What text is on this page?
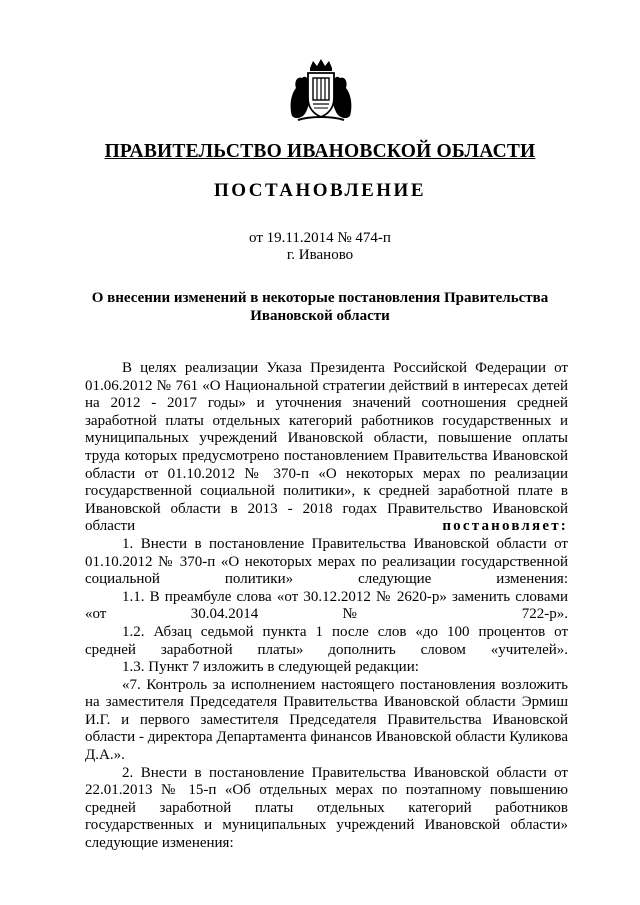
ПРАВИТЕЛЬСТВО ИВАНОВСКОЙ ОБЛАСТИ
ПОСТАНОВЛЕНИЕ
от 19.11.2014 № 474-п
г. Иваново
О внесении изменений в некоторые постановления Правительства
Ивановской области

В целях реализации Указа Президента Российской Федерации от 01.06.2012 № 761 «О Национальной стратегии действий в интересах детей на 2012 - 2017 годы» и уточнения значений соотношения средней заработной платы отдельных категорий работников государственных и муниципальных учреждений Ивановской области, повышение оплаты труда которых предусмотрено постановлением Правительства Ивановской области от 01.10.2012 № 370-п «О некоторых мерах по реализации государственной социальной политики», к средней заработной плате в Ивановской области в 2013 - 2018 годах Правительство Ивановской области	постановляет:

1. Внести в постановление Правительства Ивановской области от 01.10.2012 № 370-п «О некоторых мерах по реализации государственной социальной политики» следующие изменения:

1.1. В преамбуле слова «от 30.12.2012 № 2620-р» заменить словами «от 30.04.2014 № 722-р».

1.2. Абзац седьмой пункта 1 после слов «до 100 процентов от средней заработной платы» дополнить словом «учителей».

1.3. Пункт 7 изложить в следующей редакции:

«7. Контроль за исполнением настоящего постановления возложить на заместителя Председателя Правительства Ивановской области Эрмиш И.Г. и первого заместителя Председателя Правительства Ивановской области - директора Департамента финансов Ивановской области Куликова Д.А.».

2. Внести в постановление Правительства Ивановской области от 22.01.2013 № 15-п «Об отдельных мерах по поэтапному повышению средней заработной платы отдельных категорий работников государственных и муниципальных учреждений Ивановской области» следующие изменения:
